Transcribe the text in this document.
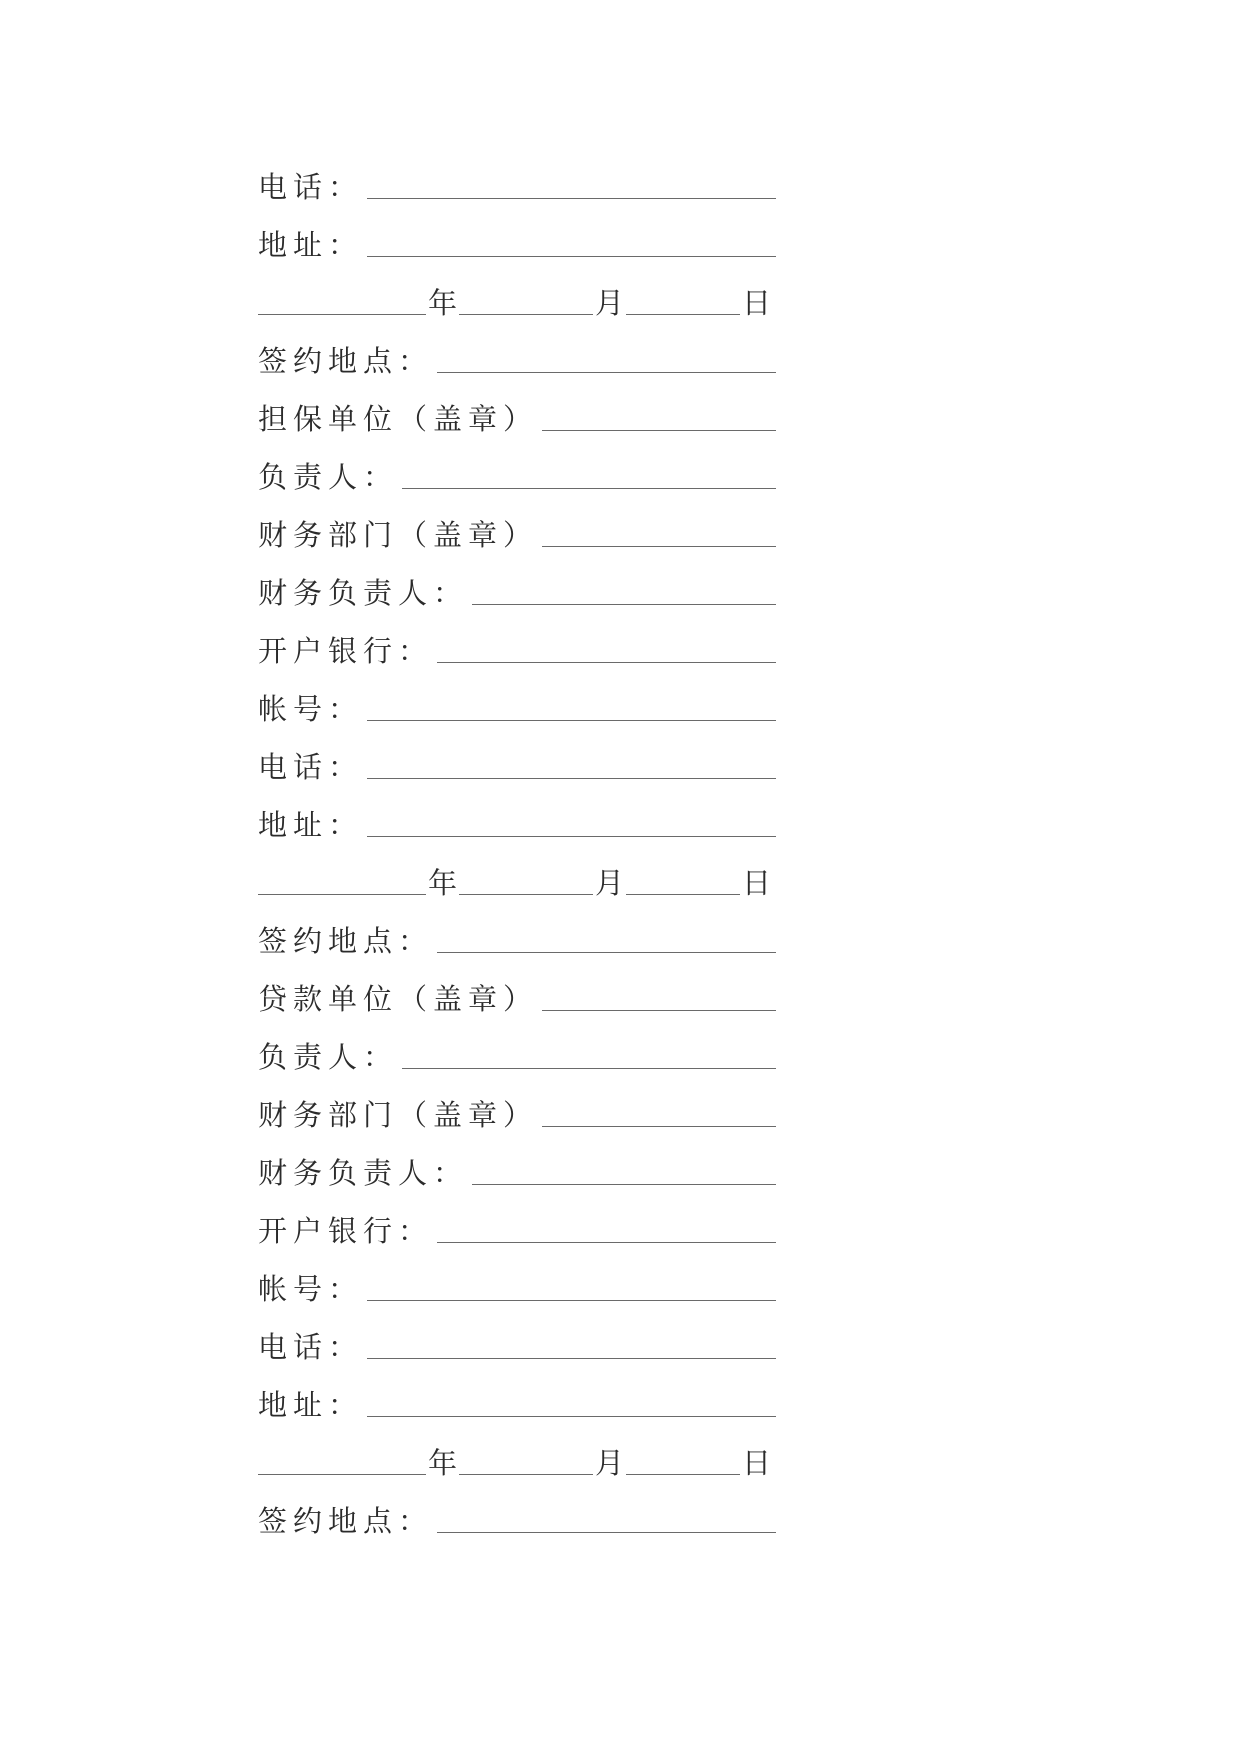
电话：
地址：
年	月	日
签约地点：
担保单位（盖章）
负责人：
财务部门（盖章）
财务负责人：
开户银行：
帐号：
电话：
地址：
年	月	日
签约地点：
贷款单位（盖章）
负责人：
财务部门（盖章）
财务负责人：
开户银行：
帐号：
电话：
地址：
年	月	日
签约地点：
